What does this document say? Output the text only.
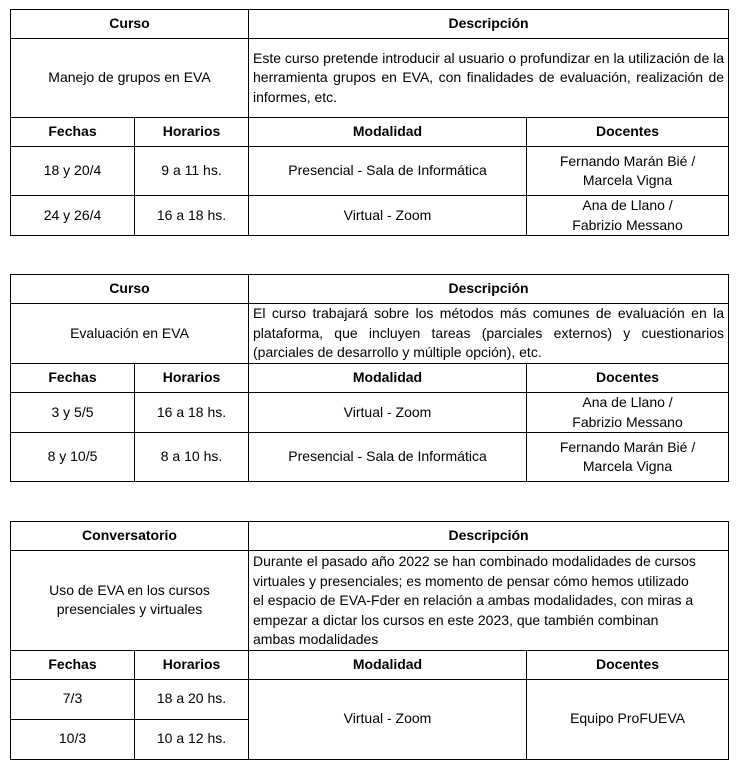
Curso		Descripción	
Manejo de grupos en EVA		Este curso pretende introducir al usuario o profundizar en la utilización de la herramienta grupos en EVA, con finalidades de evaluación, realización de informes, etc.	
Fechas	Horarios	Modalidad	Docentes
18 y 20/4	9 a 11 hs.	Presencial - Sala de Informática	Fernando Marán Bié /
Marcela Vigna

24 y 26/4	16 a 18 hs.	Virtual - Zoom	Ana de Llano /
Fabrizio Messano
Curso		Descripción	
Evaluación en EVA		El curso trabajará sobre los métodos más comunes de evaluación en la plataforma, que incluyen tareas (parciales externos) y cuestionarios (parciales de desarrollo y múltiple opción), etc.	
Fechas	Horarios	Modalidad	Docentes
3 y 5/5	16 a 18 hs.	Virtual - Zoom	Ana de Llano /
Fabrizio Messano

8 y 10/5	8 a 10 hs.	Presencial - Sala de Informática	Fernando Marán Bié /
Marcela Vigna
Conversatorio		Descripción	

Uso de EVA en los cursos
presenciales y virtuales		Durante el pasado año 2022 se han combinado modalidades de cursos
virtuales y presenciales; es momento de pensar cómo hemos utilizado
el espacio de EVA-Fder en relación a ambas modalidades, con miras a
empezar a dictar los cursos en este 2023, que también combinan
ambas modalidades	

Fechas	Horarios	Modalidad	Docentes
7/3	18 a 20 hs.	Virtual - Zoom	Equipo ProFUEVA
10/3	10 a 12 hs.		
